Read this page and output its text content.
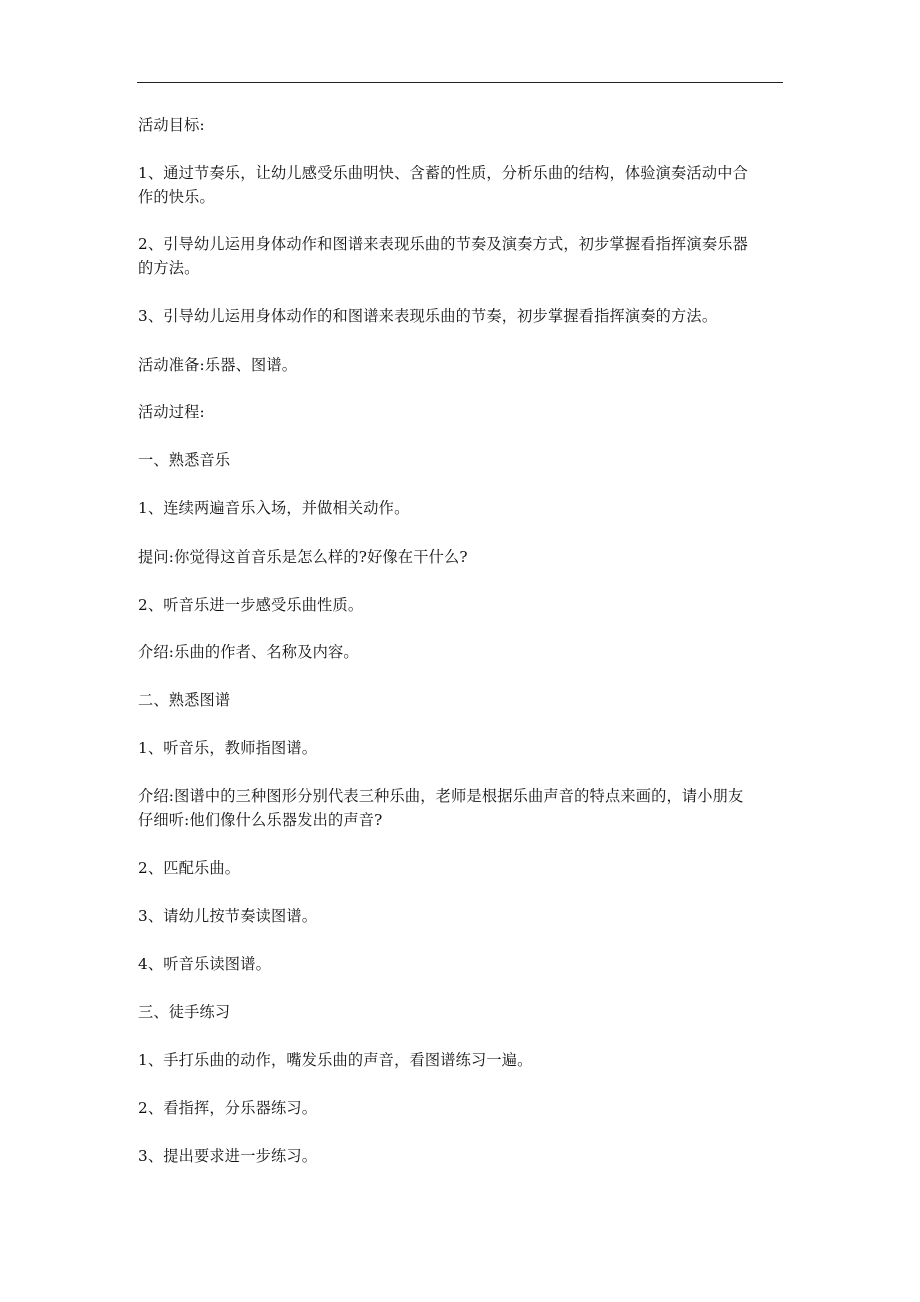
活动目标:
1、通过节奏乐，让幼儿感受乐曲明快、含蓄的性质，分析乐曲的结构，体验演奏活动中合
作的快乐。
2、引导幼儿运用身体动作和图谱来表现乐曲的节奏及演奏方式，初步掌握看指挥演奏乐器
的方法。
3、引导幼儿运用身体动作的和图谱来表现乐曲的节奏，初步掌握看指挥演奏的方法。
活动准备:乐器、图谱。
活动过程:
一、熟悉音乐
1、连续两遍音乐入场，并做相关动作。
提问:你觉得这首音乐是怎么样的?好像在干什么?
2、听音乐进一步感受乐曲性质。
介绍:乐曲的作者、名称及内容。
二、熟悉图谱
1、听音乐，教师指图谱。
介绍:图谱中的三种图形分别代表三种乐曲，老师是根据乐曲声音的特点来画的，请小朋友
仔细听:他们像什么乐器发出的声音?
2、匹配乐曲。
3、请幼儿按节奏读图谱。
4、听音乐读图谱。
三、徒手练习
1、手打乐曲的动作，嘴发乐曲的声音，看图谱练习一遍。
2、看指挥，分乐器练习。
3、提出要求进一步练习。
